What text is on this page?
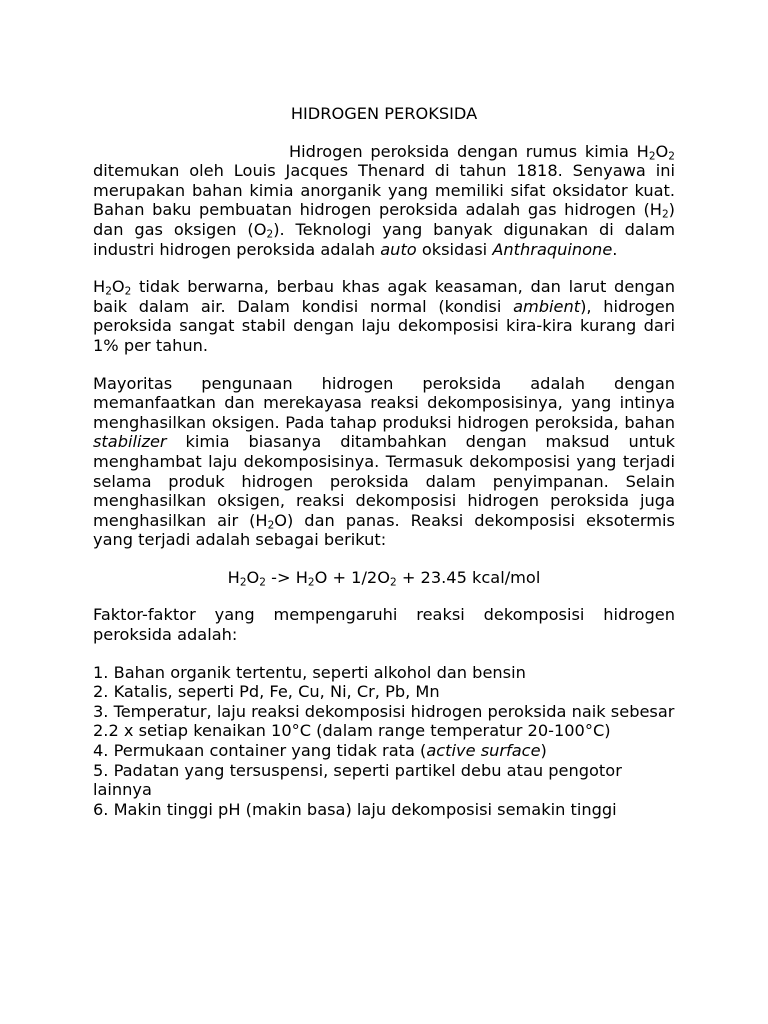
HIDROGEN PEROKSIDA

Hidrogen peroksida dengan rumus kimia $H_2O_2$ ditemukan oleh Louis Jacques Thenard di tahun 1818. Senyawa ini merupakan bahan kimia anorganik yang memiliki sifat oksidator kuat. Bahan baku pembuatan hidrogen peroksida adalah gas hidrogen $(H_2)$ dan gas oksigen $(O_2)$. Teknologi yang banyak digunakan di dalam industri hidrogen peroksida adalah auto oksidasi Anthraquinone.

$H_2O_2$ tidak berwarna, berbau khas agak keasaman, dan larut dengan baik dalam air. Dalam kondisi normal (kondisi ambient), hidrogen peroksida sangat stabil dengan laju dekomposisi kira-kira kurang dari 1% per tahun.

Mayoritas pengunaan hidrogen peroksida adalah dengan memanfaatkan dan merekayasa reaksi dekomposisinya, yang intinya menghasilkan oksigen. Pada tahap produksi hidrogen peroksida, bahan stabilizer kimia biasanya ditambahkan dengan maksud untuk menghambat laju dekomposisinya. Termasuk dekomposisi yang terjadi selama produk hidrogen peroksida dalam penyimpanan. Selain menghasilkan oksigen, reaksi dekomposisi hidrogen peroksida juga menghasilkan air $(H_2O)$ dan panas. Reaksi dekomposisi eksotermis yang terjadi adalah sebagai berikut:

$H_2O_2 -> H_2O + 1/2O_2 + 23.45$ kcal/mol

Faktor-faktor yang mempengaruhi reaksi dekomposisi hidrogen peroksida adalah:

1. Bahan organik tertentu, seperti alkohol dan bensin

2. Katalis, seperti Pd, Fe, Cu, Ni, Cr, Pb, Mn

3. Temperatur, laju reaksi dekomposisi hidrogen peroksida naik sebesar 2.2 x setiap kenaikan 10°C (dalam range temperatur 20-100°C)

4. Permukaan container yang tidak rata (active surface)

5. Padatan yang tersuspensi, seperti partikel debu atau pengotor lainnya

6. Makin tinggi pH (makin basa) laju dekomposisi semakin tinggi
